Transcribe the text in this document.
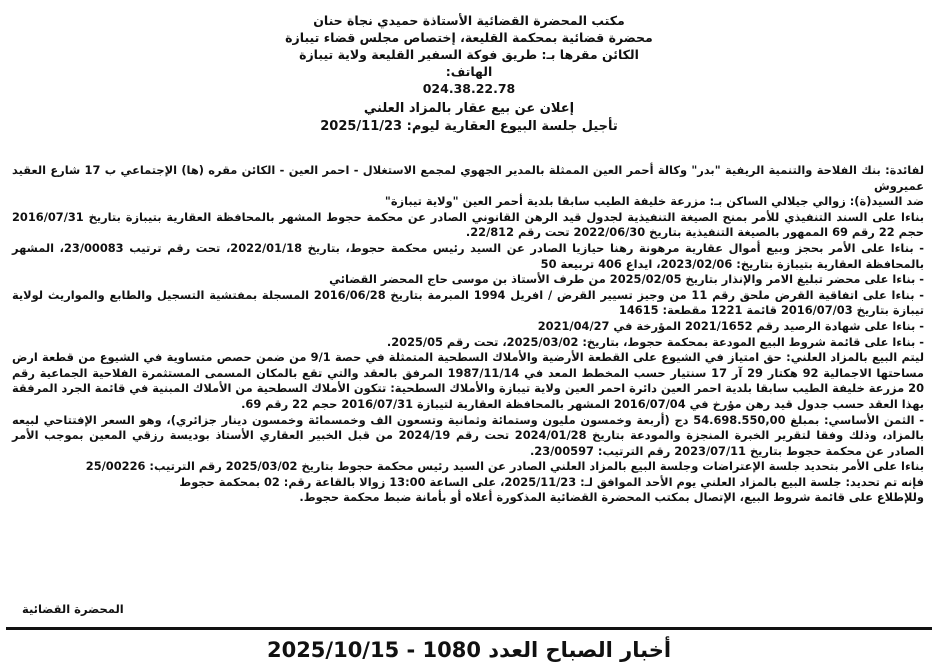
مكتب المحضرة القضائية الأستاذة حميدي نجاة حنان
محضرة قضائية بمحكمة القليعة، إختصاص مجلس قضاء تيبازة
الكائن مقرها بـ: طريق فوكة السفير القليعة ولاية تيبازة
الهاتف:
024.38.22.78
إعلان عن بيع عقار بالمزاد العلني
تأجيل جلسة البيوع العقارية ليوم: 2025/11/23

لفائدة: بنك الفلاحة والتنمية الريفية "بدر" وكالة أحمر العين الممثلة بالمدير الجهوي لمجمع الاستغلال - احمر العين - الكائن مقره (ها) الإجتماعي ب 17 شارع العقيد عميروش

ضد السيد(ة): زوالي جيلالي الساكن بـ: مزرعة خليفة الطيب سابقا بلدية أحمر العين "ولاية تيبازة"

بناءا على السند التنفيذي للأمر بمنح الصيغة التنفيذية لجدول قيد الرهن القانوني الصادر عن محكمة حجوط المشهر بالمحافظة العقارية بتيبازة بتاريخ 2016/07/31 حجم 22 رقم 69 الممهور بالصيغة التنفيذية بتاريخ 2022/06/30 تحت رقم 22/812.

- بناءا على الأمر بحجز وبيع أموال عقارية مرهونة رهنا حيازيا الصادر عن السيد رئيس محكمة حجوط، بتاريخ 2022/01/18، تحت رقم ترتيب 23/00083، المشهر بالمحافظة العقارية بتيبازة بتاريخ: 2023/02/06، ايداع 406 تربيعة 50

- بناءا على محضر تبليغ الامر والإنذار بتاريخ 2025/02/05 من طرف الأستاذ بن موسى حاج المحضر القضائي

- بناءا على اتفاقية القرض ملحق رقم 11 من وجيز تسيير القرض / افريل 1994 المبرمة بتاريخ 2016/06/28 المسجلة بمفتشية التسجيل والطابع والمواريث لولاية تيبازة بتاريخ 2016/07/03 قائمة 1221 مقطعة: 14615

- بناءا على شهادة الرصيد رقم 2021/1652 المؤرخة في 2021/04/27

- بناءا على قائمة شروط البيع المودعة بمحكمة حجوط، بتاريخ: 2025/03/02، تحت رقم 2025/05.

ليتم البيع بالمزاد العلني: حق امتياز في الشيوع على القطعة الأرضية والأملاك السطحية المتمثلة في حصة 9/1 من ضمن حصص متساوية في الشيوع من قطعة ارض مساحتها الاجمالية 92 هكتار 29 آر 17 سنتيار حسب المخطط المعد في 1987/11/14 المرفق بالعقد والتي تقع بالمكان المسمى المستثمرة الفلاحية الجماعية رقم 20 مزرعة خليفة الطيب سابقا بلدية احمر العين دائرة احمر العين ولاية تيبازة والأملاك السطحية: تتكون الأملاك السطحية من الأملاك المبنية في قائمة الجرد المرفقة بهذا العقد حسب جدول قيد رهن مؤرخ في 2016/07/04 المشهر بالمحافظة العقارية لتيبازة 2016/07/31 حجم 22 رقم 69.

- الثمن الأساسي: بمبلغ 54.698.550,00 دج (أربعة وخمسون مليون وستمائة وثمانية وتسعون الف وخمسمائة وخمسون دينار جزائري)، وهو السعر الإفتتاحي لبيعه بالمزاد، وذلك وفقا لتقرير الخبرة المنجزة والمودعة بتاريخ 2024/01/28 تحت رقم 2024/19 من قبل الخبير العقاري الأستاذ بوديسة رزقي المعين بموجب الأمر الصادر عن محكمة حجوط بتاريخ 2023/07/11 رقم الترتيب: 23/00597.

بناءا على الأمر بتحديد جلسة الإعتراضات وجلسة البيع بالمزاد العلني الصادر عن السيد رئيس محكمة حجوط بتاريخ 2025/03/02 رقم الترتيب: 25/00226

فإنه تم تحديد: جلسة البيع بالمزاد العلني يوم الأحد الموافق لـ: 2025/11/23، على الساعة 13:00 زوالا بالقاعة رقم: 02 بمحكمة حجوط

وللإطلاع على قائمة شروط البيع، الإتصال بمكتب المحضرة القضائية المذكورة أعلاه أو بأمانة ضبط محكمة حجوط.

المحضرة القضائية
أخبار الصباح العدد 1080 - 2025/10/15
